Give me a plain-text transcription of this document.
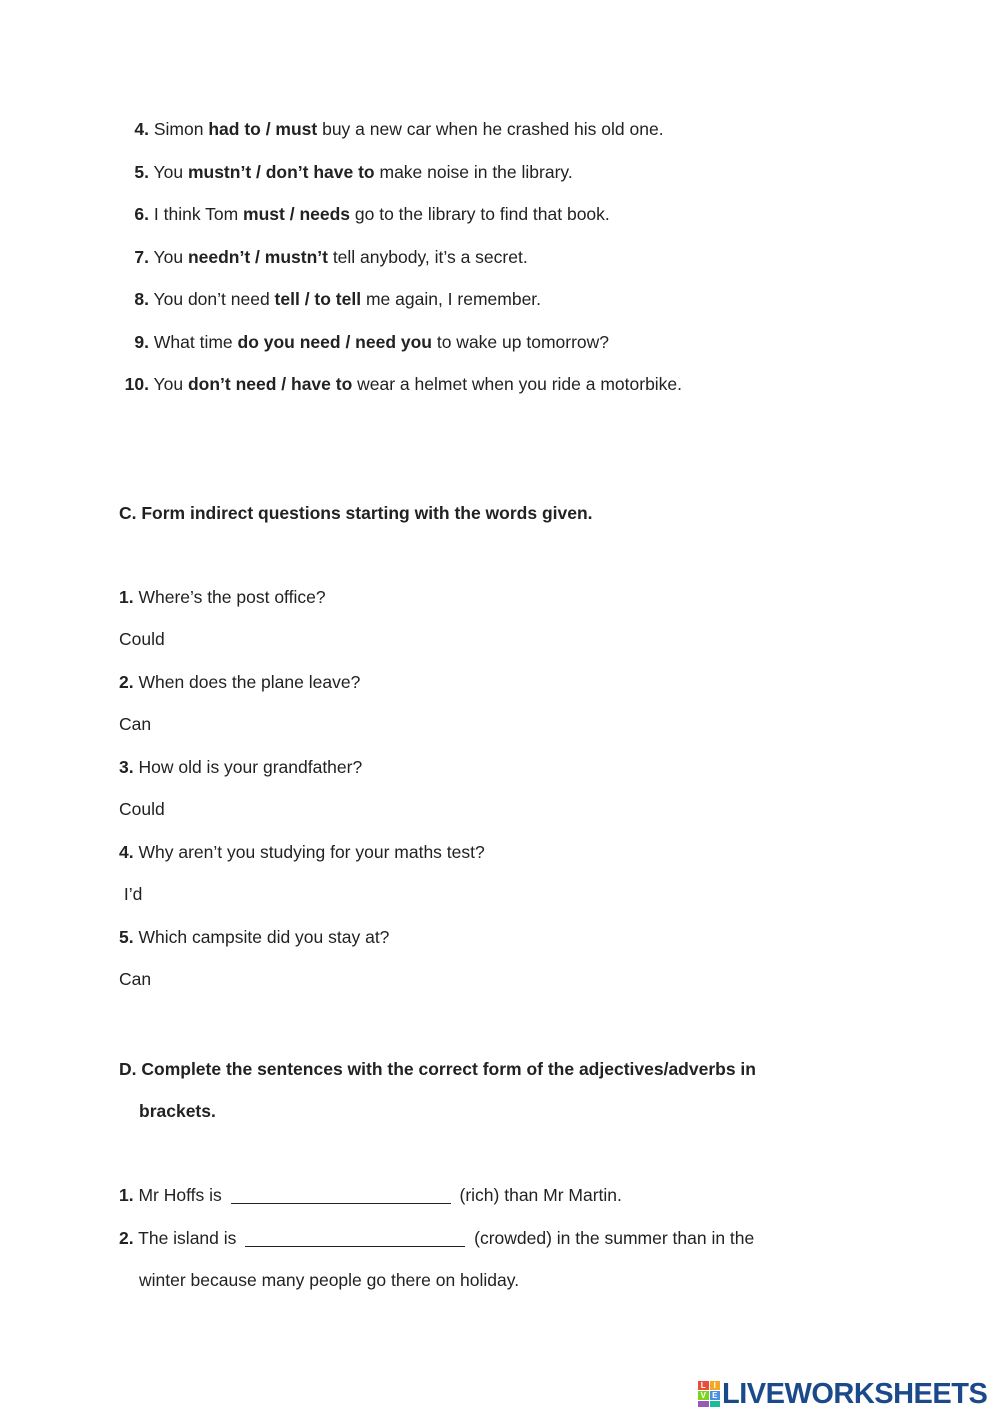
4. Simon had to / must buy a new car when he crashed his old one.
5. You mustn’t / don’t have to make noise in the library.
6. I think Tom must / needs go to the library to find that book.
7. You needn’t / mustn’t tell anybody, it’s a secret.
8. You don’t need tell / to tell me again, I remember.
9. What time do you need / need you to wake up tomorrow?
10. You don’t need / have to wear a helmet when you ride a motorbike.
C. Form indirect questions starting with the words given.
1. Where’s the post office?
Could
2. When does the plane leave?
Can
3. How old is your grandfather?
Could
4. Why aren’t you studying for your maths test?
I’d
5. Which campsite did you stay at?
Can
D. Complete the sentences with the correct form of the adjectives/adverbs in
brackets.
1. Mr Hoffs is	(rich) than Mr Martin.
2. The island is	(crowded) in the summer than in the
winter because many people go there on holiday.
L I
V E LIVEWORKSHEETS
